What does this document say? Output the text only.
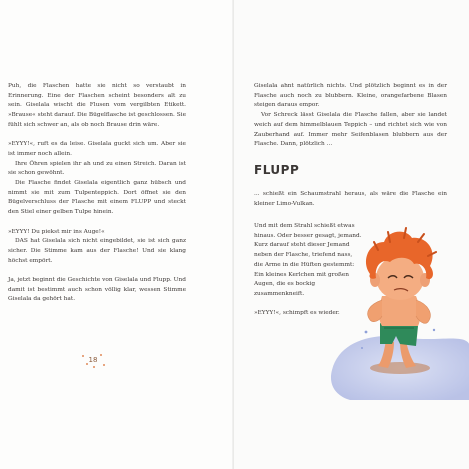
Puh, die Flaschen hatte sie nicht so verstaubt in Erinnerung. Eine der Flaschen scheint besonders alt zu sein. Giselala wischt die Flusen vom vergilbten Etikett. »Brause« steht darauf. Die Bügelflasche ist geschlossen. Sie fühlt sich schwer an, als ob noch Brause drin wäre.

»EYYY!«, ruft es da leise. Giselala guckt sich um. Aber sie ist immer noch allein.

Ihre Öhren spielen ihr ah und zu einen Streich. Daran ist sie schon gewöhnt.

Die Flasche findet Giselala eigentlich ganz hübsch und nimmt sie mit zum Tulpenteppich. Dort öffnet sie den Bügelverschluss der Flasche mit einem FLUPP und steckt den Stiel einer gelben Tulpe hinein.

»EYYY! Du piekst mir ins Auge!«

DAS hat Giselala sich nicht eingebildet, sie ist sich ganz sicher. Die Stimme kam aus der Flasche! Und sie klang höchst empört.

Ja, jetzt beginnt die Geschichte von Giselala und Flupp. Und damit ist bestimmt auch schon völlig klar, wessen Stimme Giselala da gehört hat.

18

Giselala ahnt natürlich nichts. Und plötzlich beginnt es in der Flasche auch noch zu blubbern. Kleine, orangefarbene Blasen steigen daraus empor.

Vor Schreck lässt Giselala die Flasche fallen, aber sie landet weich auf dem himmelblauen Teppich – und richtet sich wie von Zauberhand auf. Immer mehr Seifenblasen blubbern aus der Flasche. Dann, plötzlich ...

FLUPP

... schießt ein Schaumstrahl heraus, als wäre die Flasche ein kleiner Limo-Vulkan.

Und mit dem Strahl schießt etwas hinaus. Oder besser gesagt, jemand. Kurz darauf steht dieser Jemand neben der Flasche, triefend nass, die Arme in die Hüften gestemmt: Ein kleines Kerlchen mit großen Augen, die es bockig zusammenkneift.

»EYYY!«, schimpft es wieder.
